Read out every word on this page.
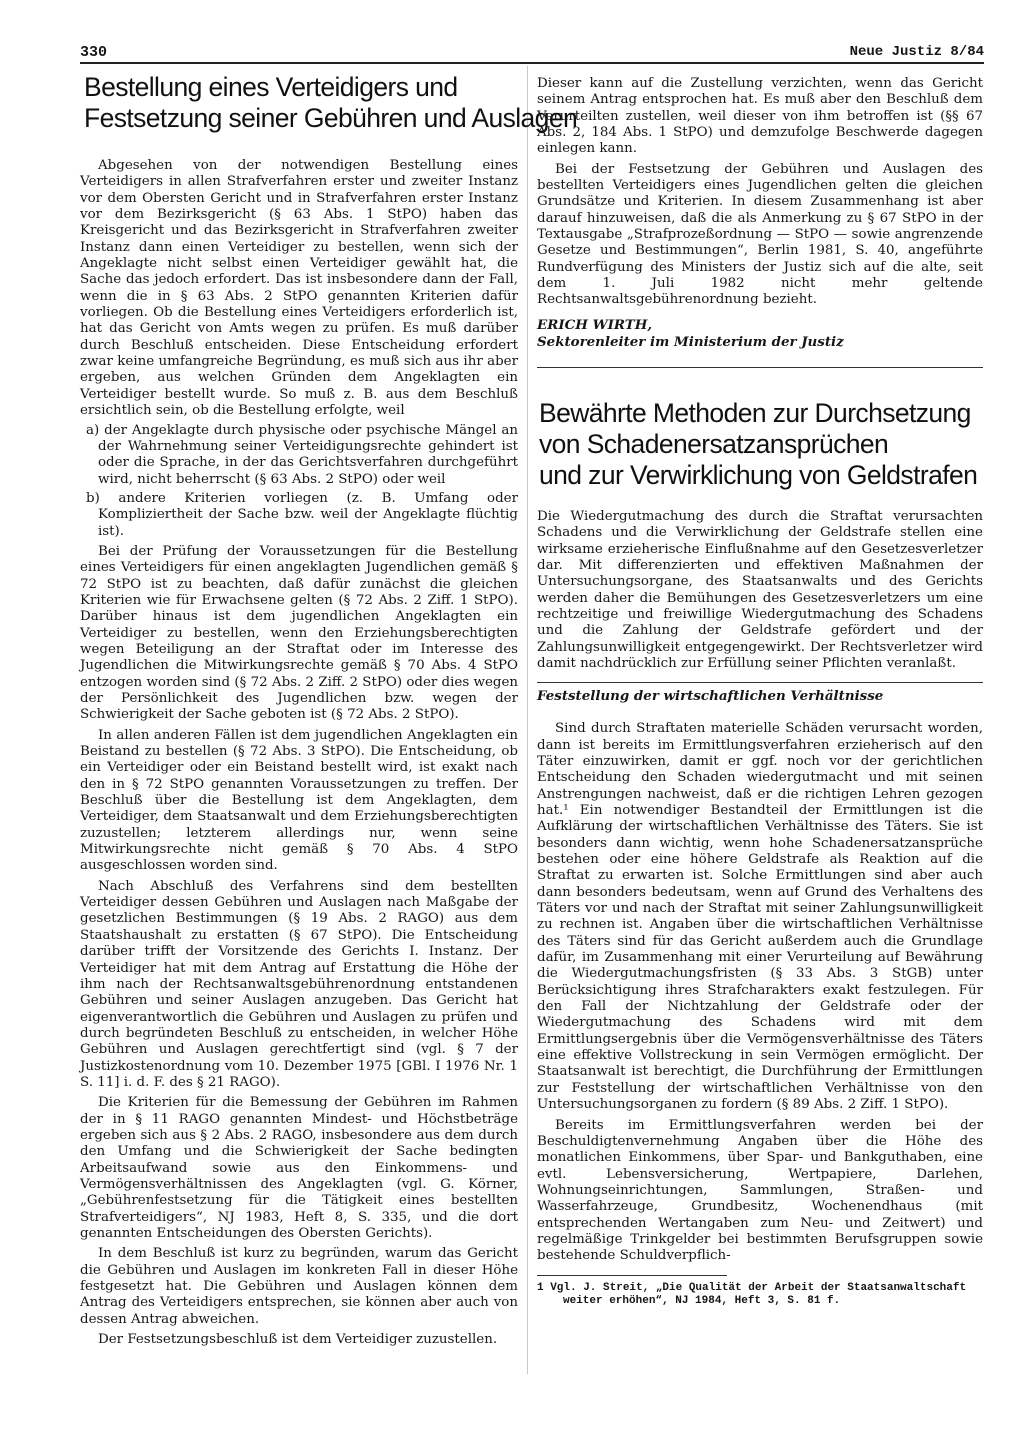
330	Neue Justiz 8/84
Bestellung eines Verteidigers und
Festsetzung seiner Gebühren und Auslagen

Abgesehen von der notwendigen Bestellung eines Verteidigers in allen Strafverfahren erster und zweiter Instanz vor dem Obersten Gericht und in Strafverfahren erster Instanz vor dem Bezirksgericht (§ 63 Abs. 1 StPO) haben das Kreisgericht und das Bezirksgericht in Strafverfahren zweiter Instanz dann einen Verteidiger zu bestellen, wenn sich der Angeklagte nicht selbst einen Verteidiger gewählt hat, die Sache das jedoch erfordert. Das ist insbesondere dann der Fall, wenn die in § 63 Abs. 2 StPO genannten Kriterien dafür vorliegen. Ob die Bestellung eines Verteidigers erforderlich ist, hat das Gericht von Amts wegen zu prüfen. Es muß darüber durch Beschluß entscheiden. Diese Entscheidung erfordert zwar keine umfangreiche Begründung, es muß sich aus ihr aber ergeben, aus welchen Gründen dem Angeklagten ein Verteidiger bestellt wurde. So muß z. B. aus dem Beschluß ersichtlich sein, ob die Bestellung erfolgte, weil

a) der Angeklagte durch physische oder psychische Mängel an der Wahrnehmung seiner Verteidigungsrechte gehindert ist oder die Sprache, in der das Gerichtsverfahren durchgeführt wird, nicht beherrscht (§ 63 Abs. 2 StPO) oder weil

b) andere Kriterien vorliegen (z. B. Umfang oder Kompliziertheit der Sache bzw. weil der Angeklagte flüchtig ist).

Bei der Prüfung der Voraussetzungen für die Bestellung eines Verteidigers für einen angeklagten Jugendlichen gemäß § 72 StPO ist zu beachten, daß dafür zunächst die gleichen Kriterien wie für Erwachsene gelten (§ 72 Abs. 2 Ziff. 1 StPO). Darüber hinaus ist dem jugendlichen Angeklagten ein Verteidiger zu bestellen, wenn den Erziehungsberechtigten wegen Beteiligung an der Straftat oder im Interesse des Jugendlichen die Mitwirkungsrechte gemäß § 70 Abs. 4 StPO entzogen worden sind (§ 72 Abs. 2 Ziff. 2 StPO) oder dies wegen der Persönlichkeit des Jugendlichen bzw. wegen der Schwierigkeit der Sache geboten ist (§ 72 Abs. 2 StPO).

In allen anderen Fällen ist dem jugendlichen Angeklagten ein Beistand zu bestellen (§ 72 Abs. 3 StPO). Die Entscheidung, ob ein Verteidiger oder ein Beistand bestellt wird, ist exakt nach den in § 72 StPO genannten Voraussetzungen zu treffen. Der Beschluß über die Bestellung ist dem Angeklagten, dem Verteidiger, dem Staatsanwalt und dem Erziehungsberechtigten zuzustellen; letzterem allerdings nur, wenn seine Mitwirkungsrechte nicht gemäß § 70 Abs. 4 StPO ausgeschlossen worden sind.

Nach Abschluß des Verfahrens sind dem bestellten Verteidiger dessen Gebühren und Auslagen nach Maßgabe der gesetzlichen Bestimmungen (§ 19 Abs. 2 RAGO) aus dem Staatshaushalt zu erstatten (§ 67 StPO). Die Entscheidung darüber trifft der Vorsitzende des Gerichts I. Instanz. Der Verteidiger hat mit dem Antrag auf Erstattung die Höhe der ihm nach der Rechtsanwaltsgebührenordnung entstandenen Gebühren und seiner Auslagen anzugeben. Das Gericht hat eigenverantwortlich die Gebühren und Auslagen zu prüfen und durch begründeten Beschluß zu entscheiden, in welcher Höhe Gebühren und Auslagen gerechtfertigt sind (vgl. § 7 der Justizkostenordnung vom 10. Dezember 1975 [GBl. I 1976 Nr. 1 S. 11] i. d. F. des § 21 RAGO).

Die Kriterien für die Bemessung der Gebühren im Rahmen der in § 11 RAGO genannten Mindest- und Höchstbeträge ergeben sich aus § 2 Abs. 2 RAGO, insbesondere aus dem durch den Umfang und die Schwierigkeit der Sache bedingten Arbeitsaufwand sowie aus den Einkommens- und Vermögensverhältnissen des Angeklagten (vgl. G. Körner, „Gebührenfestsetzung für die Tätigkeit eines bestellten Strafverteidigers“, NJ 1983, Heft 8, S. 335, und die dort genannten Entscheidungen des Obersten Gerichts).

In dem Beschluß ist kurz zu begründen, warum das Gericht die Gebühren und Auslagen im konkreten Fall in dieser Höhe festgesetzt hat. Die Gebühren und Auslagen können dem Antrag des Verteidigers entsprechen, sie können aber auch von dessen Antrag abweichen.

Der Festsetzungsbeschluß ist dem Verteidiger zuzustellen.

Dieser kann auf die Zustellung verzichten, wenn das Gericht seinem Antrag entsprochen hat. Es muß aber den Beschluß dem Verurteilten zustellen, weil dieser von ihm betroffen ist (§§ 67 Abs. 2, 184 Abs. 1 StPO) und demzufolge Beschwerde dagegen einlegen kann.

Bei der Festsetzung der Gebühren und Auslagen des bestellten Verteidigers eines Jugendlichen gelten die gleichen Grundsätze und Kriterien. In diesem Zusammenhang ist aber darauf hinzuweisen, daß die als Anmerkung zu § 67 StPO in der Textausgabe „Strafprozeßordnung — StPO — sowie angrenzende Gesetze und Bestimmungen“, Berlin 1981, S. 40, angeführte Rundverfügung des Ministers der Justiz sich auf die alte, seit dem 1. Juli 1982 nicht mehr geltende Rechtsanwaltsgebührenordnung bezieht.

ERICH WIRTH,

Sektorenleiter im Ministerium der Justiz

Bewährte Methoden zur Durchsetzung
von Schadenersatzansprüchen
und zur Verwirklichung von Geldstrafen

Die Wiedergutmachung des durch die Straftat verursachten Schadens und die Verwirklichung der Geldstrafe stellen eine wirksame erzieherische Einflußnahme auf den Gesetzesverletzer dar. Mit differenzierten und effektiven Maßnahmen der Untersuchungsorgane, des Staatsanwalts und des Gerichts werden daher die Bemühungen des Gesetzesverletzers um eine rechtzeitige und freiwillige Wiedergutmachung des Schadens und die Zahlung der Geldstrafe gefördert und der Zahlungsunwilligkeit entgegengewirkt. Der Rechtsverletzer wird damit nachdrücklich zur Erfüllung seiner Pflichten veranlaßt.

Feststellung der wirtschaftlichen Verhältnisse

Sind durch Straftaten materielle Schäden verursacht worden, dann ist bereits im Ermittlungsverfahren erzieherisch auf den Täter einzuwirken, damit er ggf. noch vor der gerichtlichen Entscheidung den Schaden wiedergutmacht und mit seinen Anstrengungen nachweist, daß er die richtigen Lehren gezogen hat.¹ Ein notwendiger Bestandteil der Ermittlungen ist die Aufklärung der wirtschaftlichen Verhältnisse des Täters. Sie ist besonders dann wichtig, wenn hohe Schadenersatzansprüche bestehen oder eine höhere Geldstrafe als Reaktion auf die Straftat zu erwarten ist. Solche Ermittlungen sind aber auch dann besonders bedeutsam, wenn auf Grund des Verhaltens des Täters vor und nach der Straftat mit seiner Zahlungsunwilligkeit zu rechnen ist. Angaben über die wirtschaftlichen Verhältnisse des Täters sind für das Gericht außerdem auch die Grundlage dafür, im Zusammenhang mit einer Verurteilung auf Bewährung die Wiedergutmachungsfristen (§ 33 Abs. 3 StGB) unter Berücksichtigung ihres Strafcharakters exakt festzulegen. Für den Fall der Nichtzahlung der Geldstrafe oder der Wiedergutmachung des Schadens wird mit dem Ermittlungsergebnis über die Vermögensverhältnisse des Täters eine effektive Vollstreckung in sein Vermögen ermöglicht. Der Staatsanwalt ist berechtigt, die Durchführung der Ermittlungen zur Feststellung der wirtschaftlichen Verhältnisse von den Untersuchungsorganen zu fordern (§ 89 Abs. 2 Ziff. 1 StPO).

Bereits im Ermittlungsverfahren werden bei der Beschuldigtenvernehmung Angaben über die Höhe des monatlichen Einkommens, über Spar- und Bankguthaben, eine evtl. Lebensversicherung, Wertpapiere, Darlehen, Wohnungseinrichtungen, Sammlungen, Straßen- und Wasserfahrzeuge, Grundbesitz, Wochenendhaus (mit entsprechenden Wertangaben zum Neu- und Zeitwert) und regelmäßige Trinkgelder bei bestimmten Berufsgruppen sowie bestehende Schuldverpflich-

1 Vgl. J. Streit, „Die Qualität der Arbeit der Staatsanwaltschaft weiter erhöhen“, NJ 1984, Heft 3, S. 81 f.
